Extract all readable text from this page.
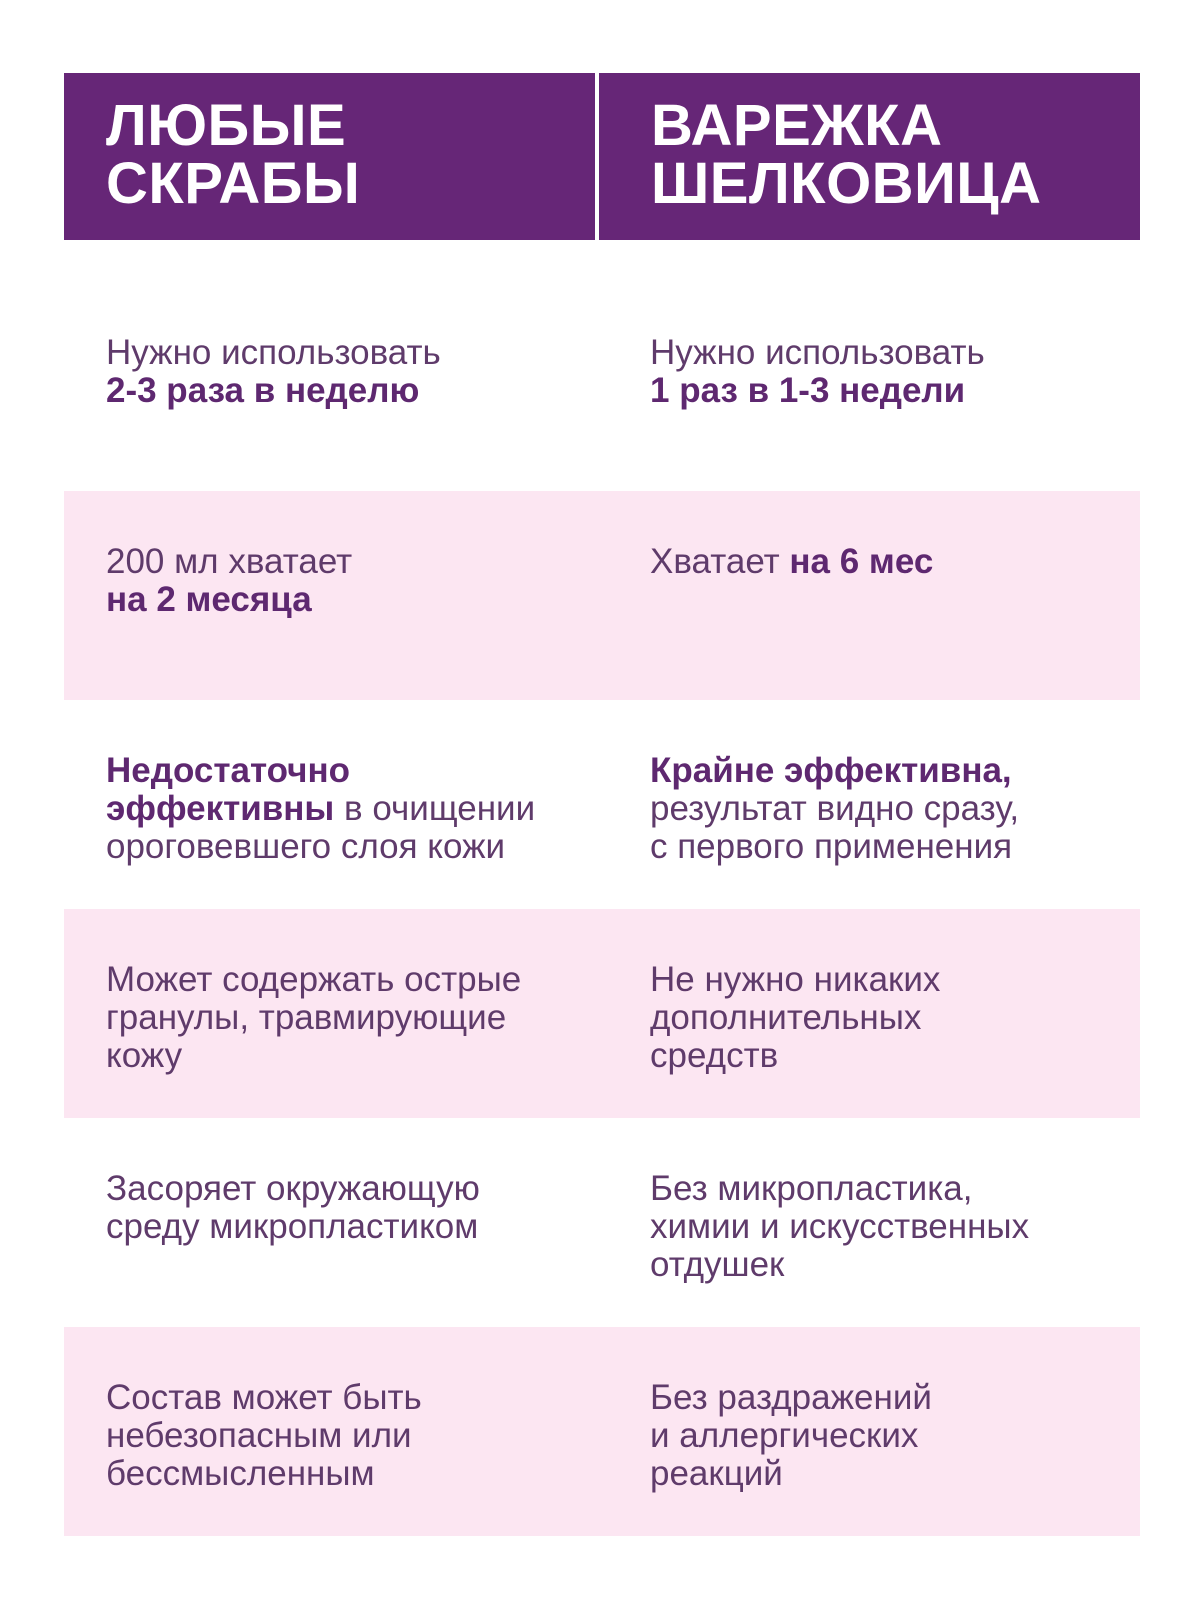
ЛЮБЫЕ
СКРАБЫ
ВАРЕЖКА
ШЕЛКОВИЦА
Нужно использовать
2-3 раза в неделю
Нужно использовать
1 раз в 1-3 недели
200 мл хватает
на 2 месяца
Хватает на 6 мес
Недостаточно
эффективны в очищении
ороговевшего слоя кожи
Крайне эффективна,
результат видно сразу,
с первого применения
Может содержать острые
гранулы, травмирующие
кожу
Не нужно никаких
дополнительных
средств
Засоряет окружающую
среду микропластиком
Без микропластика,
химии и искусственных
отдушек
Состав может быть
небезопасным или
бессмысленным
Без раздражений
и аллергических
реакций
